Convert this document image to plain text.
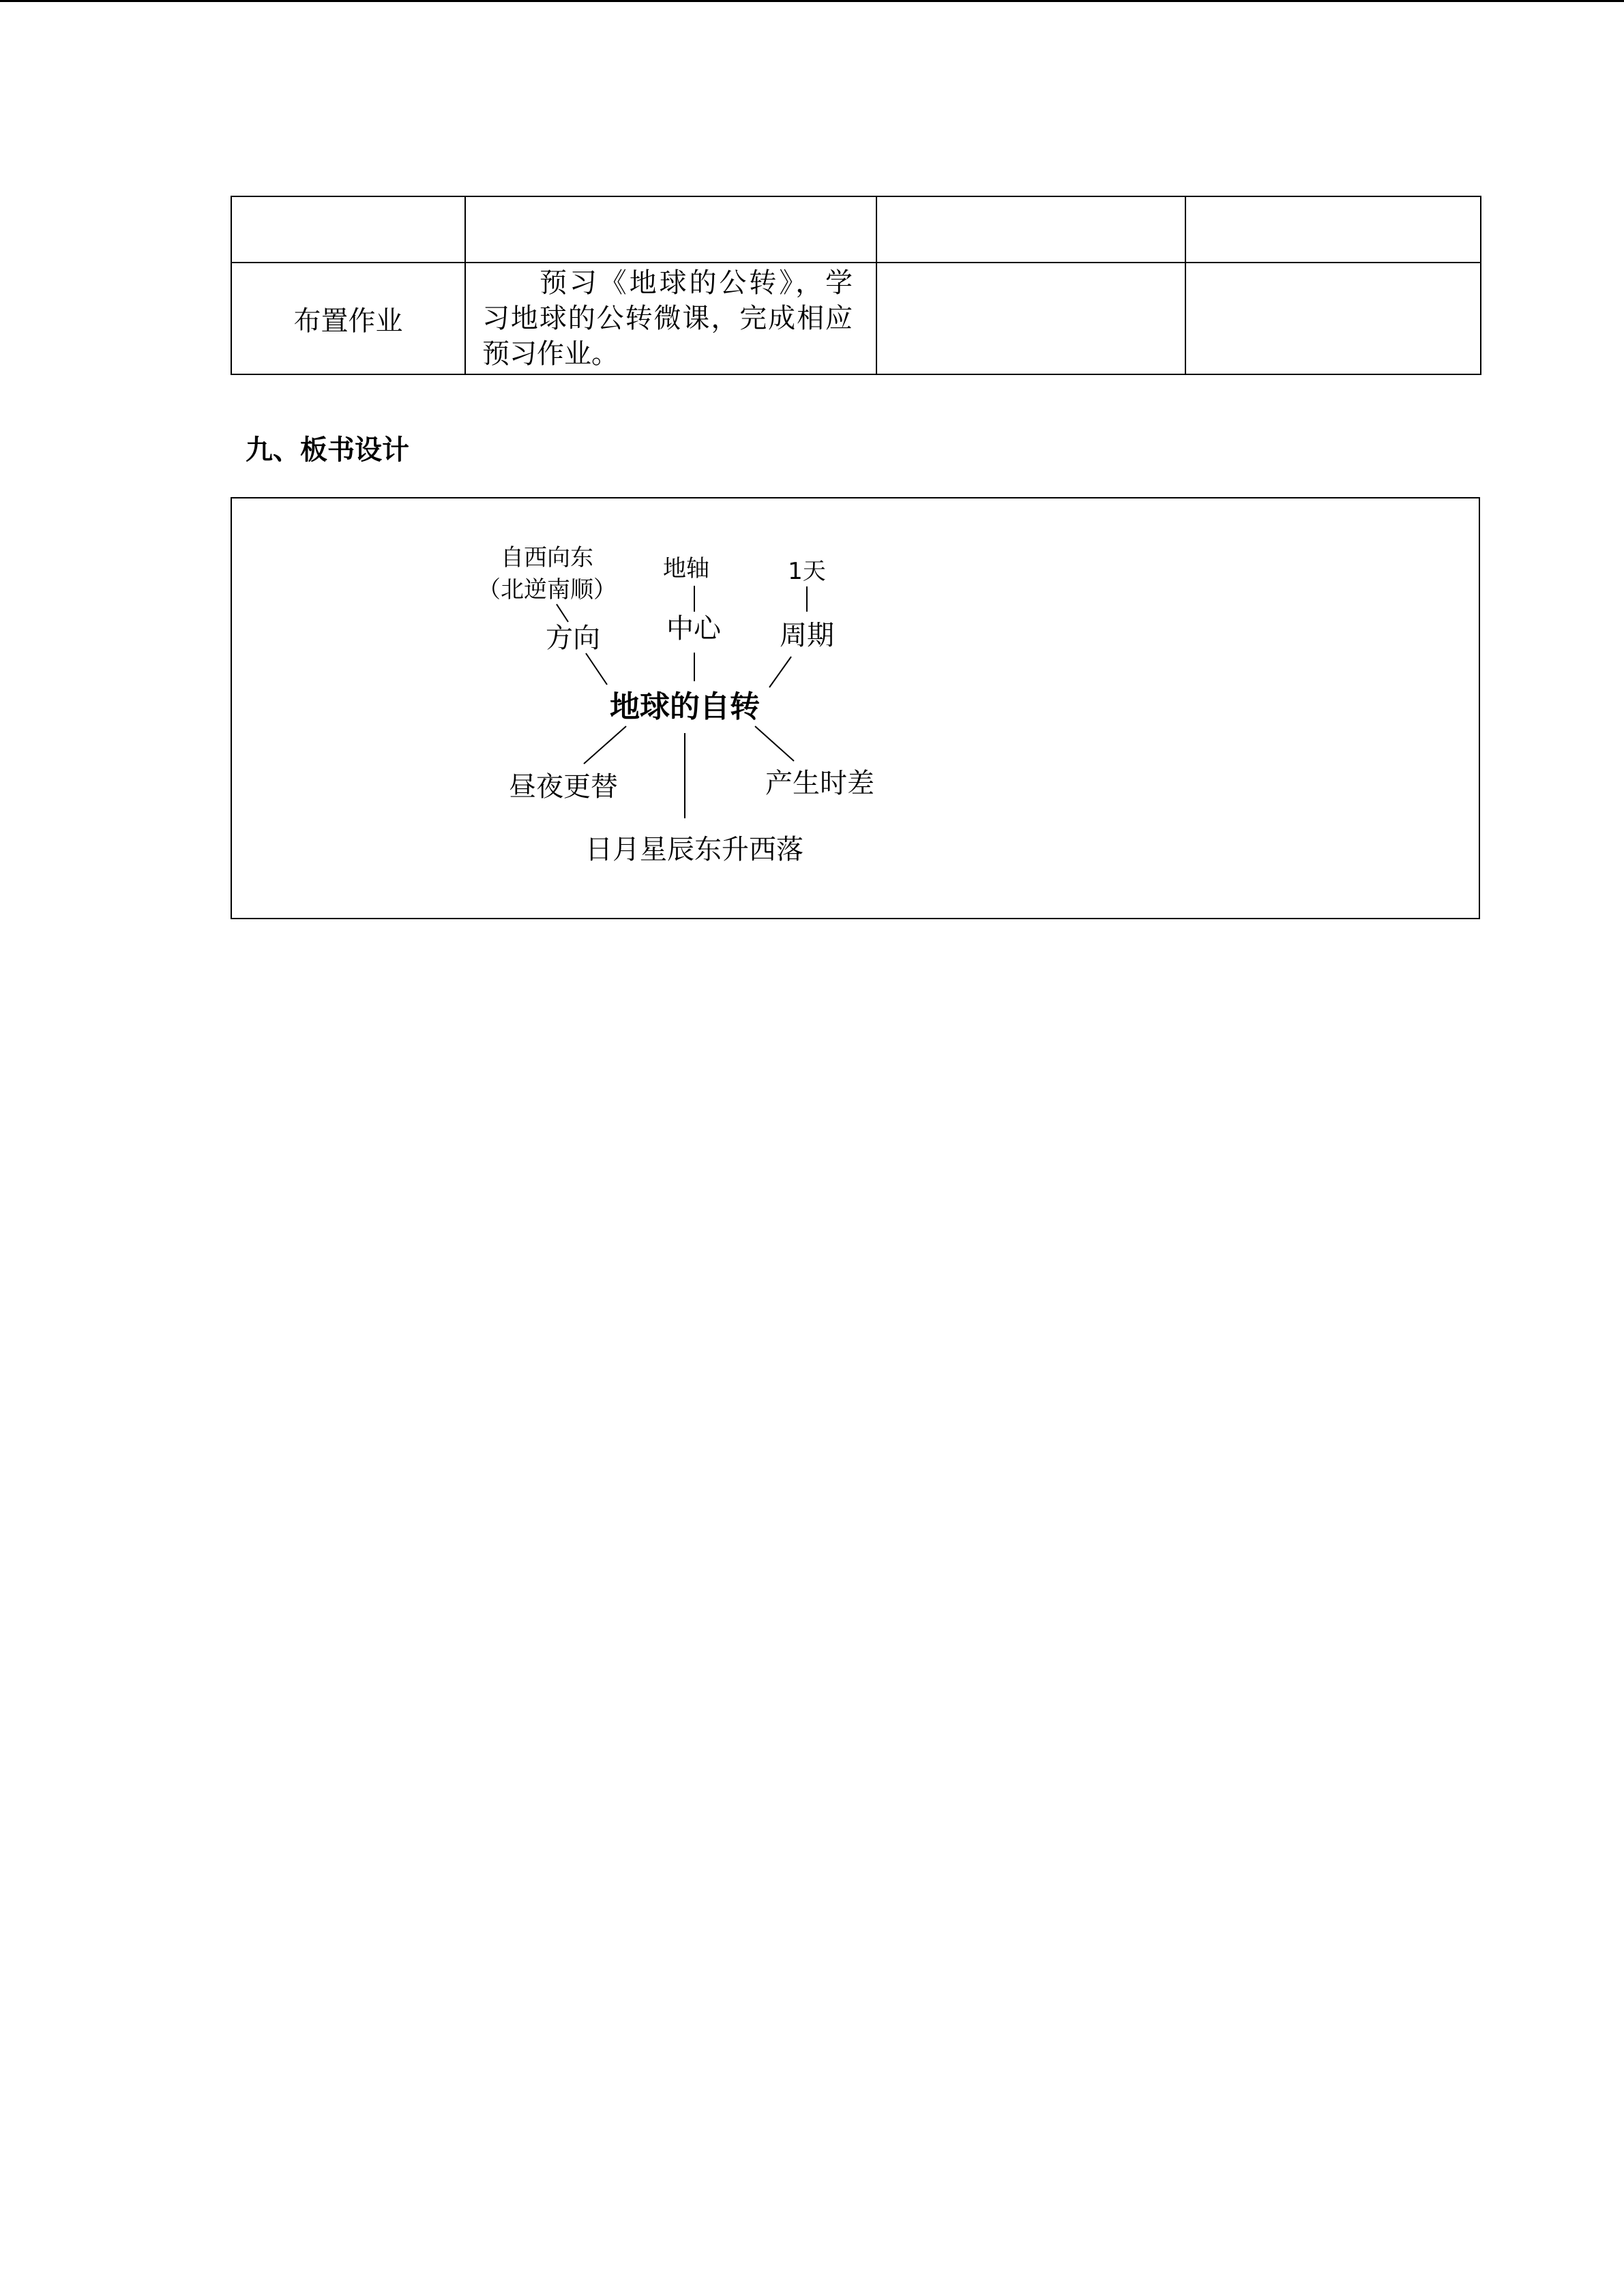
布置作业	预习《地球的公转》，学习地球的公转微课，完成相应预习作业。		
九、板书设计
自西向东
（北逆南顺）
方向
地轴
中心
1天
周期
地球的自转
昼夜更替	产生时差
日月星辰东升西落
